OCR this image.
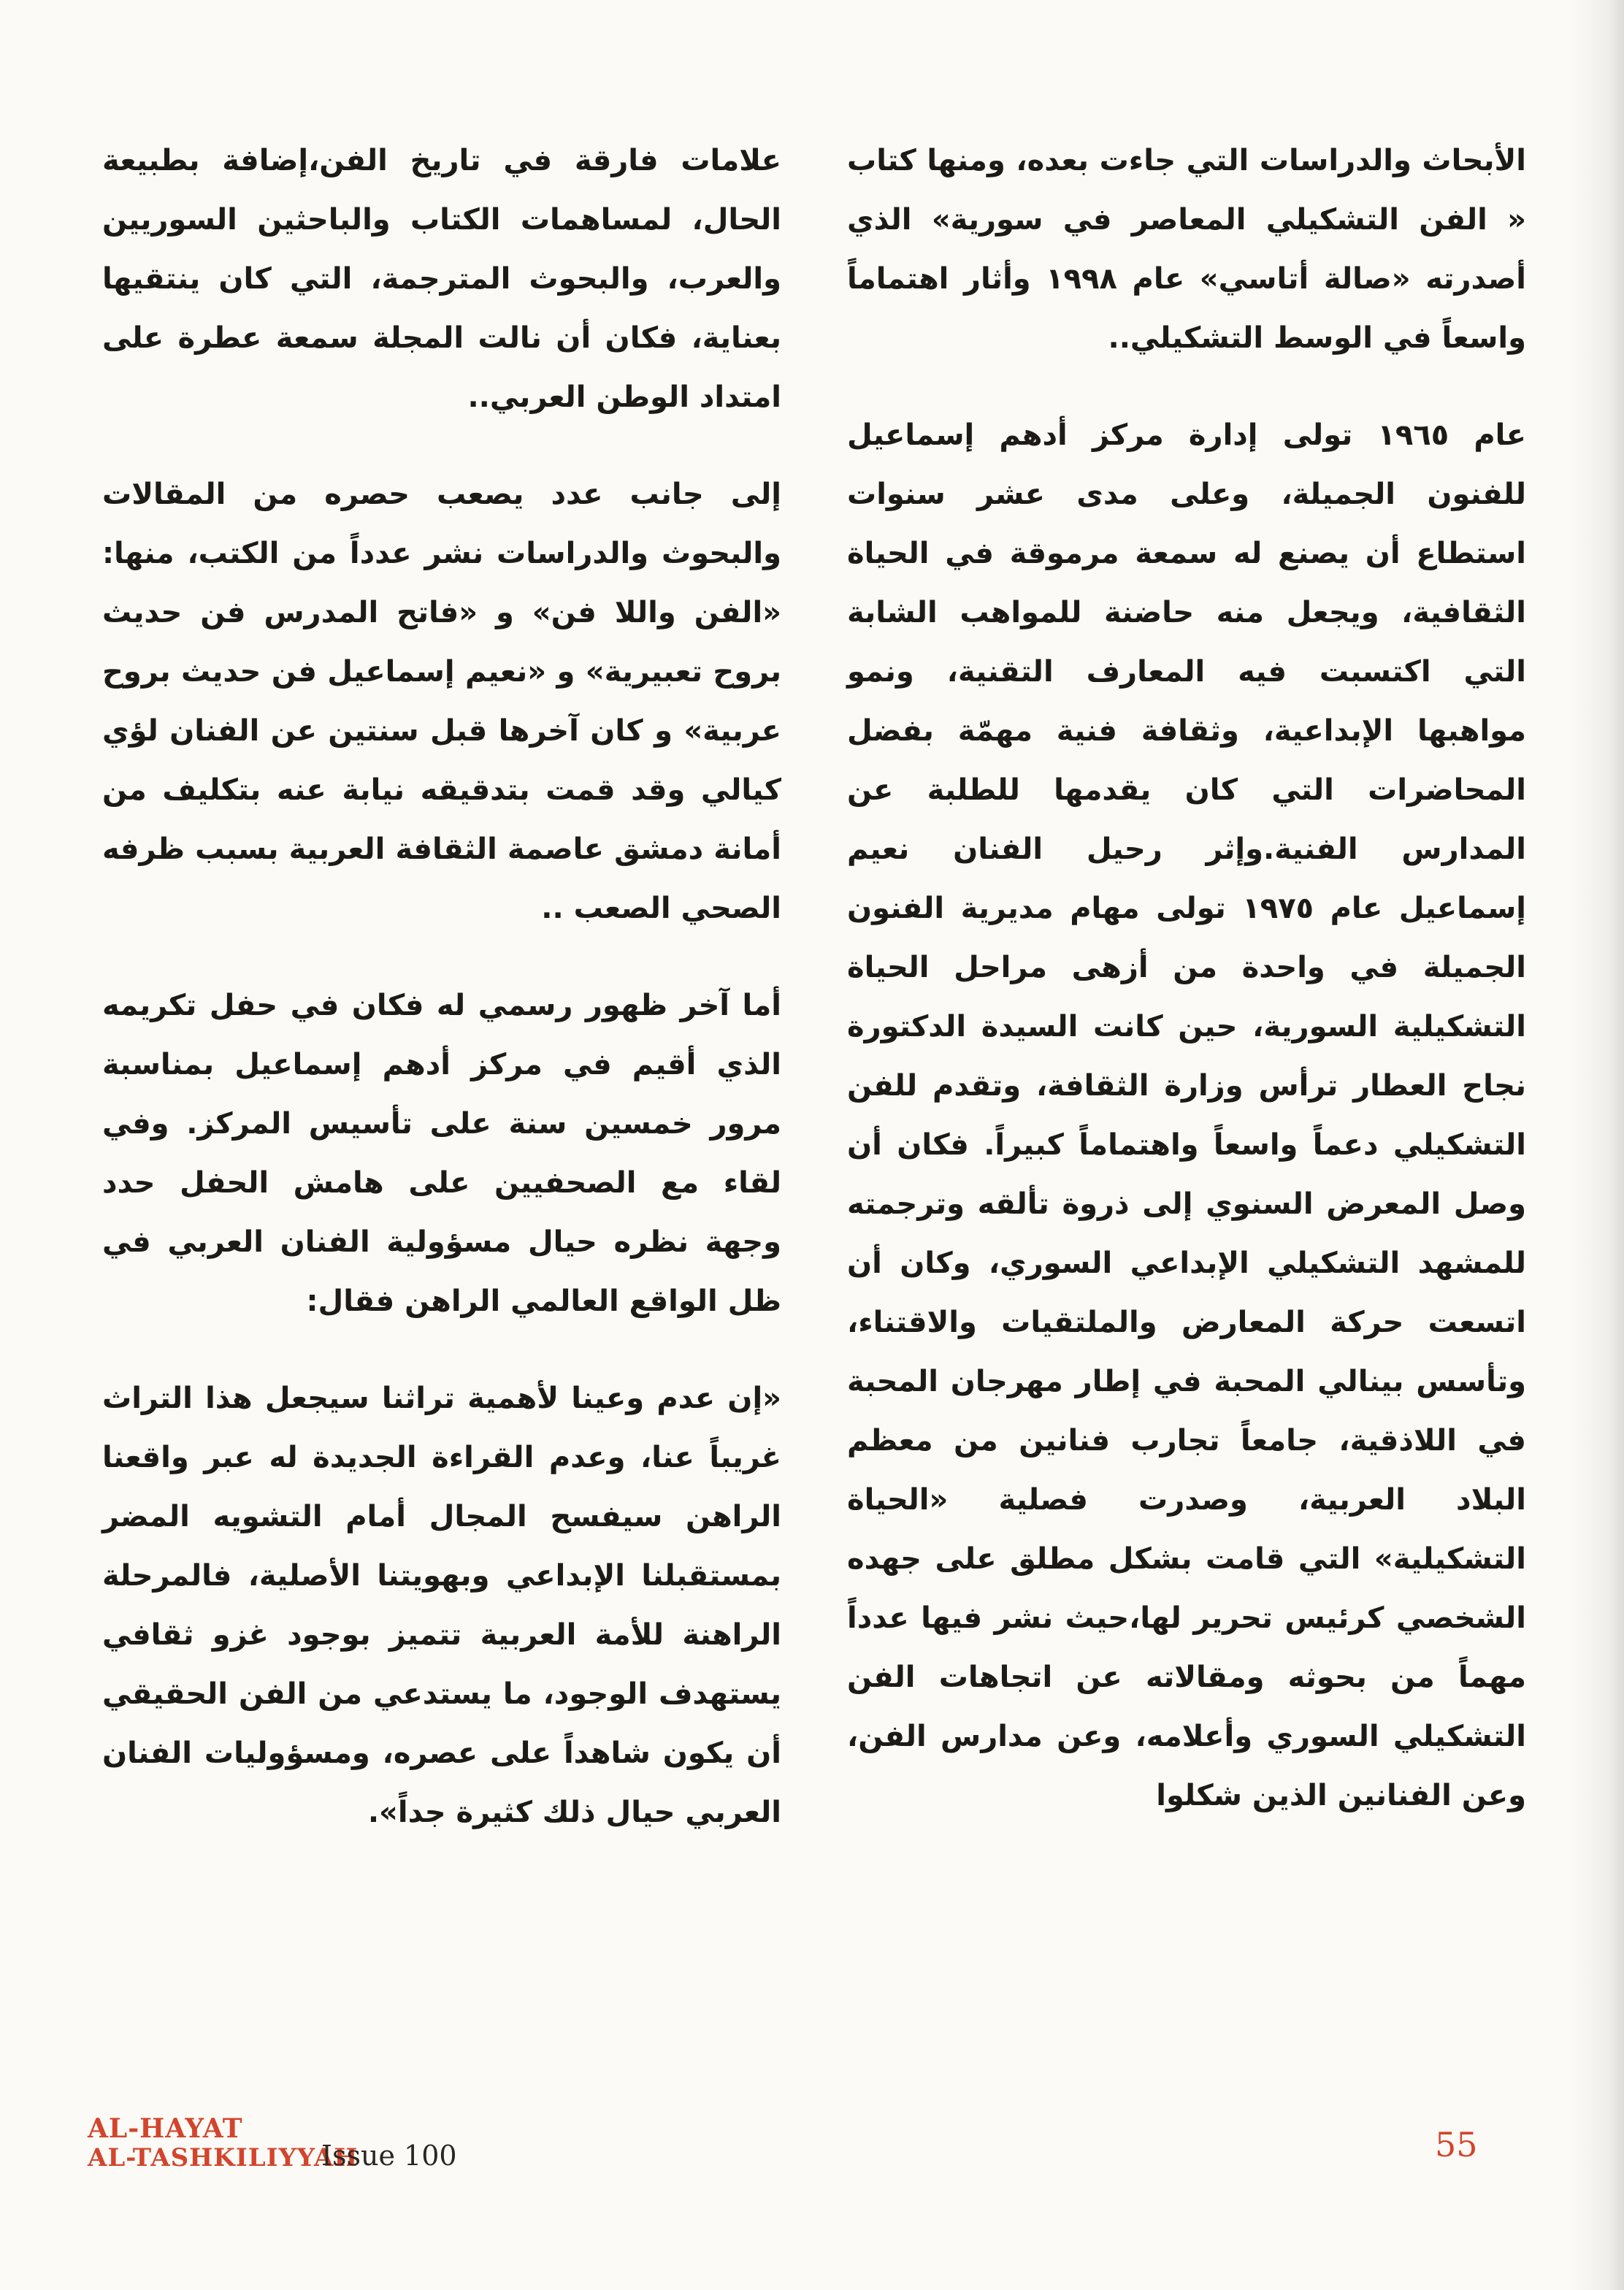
الأبحاث والدراسات التي جاءت بعده، ومنها كتاب « الفن التشكيلي المعاصر في سورية» الذي أصدرته «صالة أتاسي» عام ١٩٩٨ وأثار اهتماماً واسعاً في الوسط التشكيلي..

عام ١٩٦٥ تولى إدارة مركز أدهم إسماعيل للفنون الجميلة، وعلى مدى عشر سنوات استطاع أن يصنع له سمعة مرموقة في الحياة الثقافية، ويجعل منه حاضنة للمواهب الشابة التي اكتسبت فيه المعارف التقنية، ونمو مواهبها الإبداعية، وثقافة فنية مهمّة بفضل المحاضرات التي كان يقدمها للطلبة عن المدارس الفنية.وإثر رحيل الفنان نعيم إسماعيل عام ١٩٧٥ تولى مهام مديرية الفنون الجميلة في واحدة من أزهى مراحل الحياة التشكيلية السورية، حين كانت السيدة الدكتورة نجاح العطار ترأس وزارة الثقافة، وتقدم للفن التشكيلي دعماً واسعاً واهتماماً كبيراً. فكان أن وصل المعرض السنوي إلى ذروة تألقه وترجمته للمشهد التشكيلي الإبداعي السوري، وكان أن اتسعت حركة المعارض والملتقيات والاقتناء، وتأسس بينالي المحبة في إطار مهرجان المحبة في اللاذقية، جامعاً تجارب فنانين من معظم البلاد العربية، وصدرت فصلية «الحياة التشكيلية» التي قامت بشكل مطلق على جهده الشخصي كرئيس تحرير لها،حيث نشر فيها عدداً مهماً من بحوثه ومقالاته عن اتجاهات الفن التشكيلي السوري وأعلامه، وعن مدارس الفن، وعن الفنانين الذين شكلوا

علامات فارقة في تاريخ الفن،إضافة بطبيعة الحال، لمساهمات الكتاب والباحثين السوريين والعرب، والبحوث المترجمة، التي كان ينتقيها بعناية، فكان أن نالت المجلة سمعة عطرة على امتداد الوطن العربي..

إلى جانب عدد يصعب حصره من المقالات والبحوث والدراسات نشر عدداً من الكتب، منها: «الفن واللا فن» و «فاتح المدرس فن حديث بروح تعبيرية» و «نعيم إسماعيل فن حديث بروح عربية» و كان آخرها قبل سنتين عن الفنان لؤي كيالي وقد قمت بتدقيقه نيابة عنه بتكليف من أمانة دمشق عاصمة الثقافة العربية بسبب ظرفه الصحي الصعب ..

أما آخر ظهور رسمي له فكان في حفل تكريمه الذي أقيم في مركز أدهم إسماعيل بمناسبة مرور خمسين سنة على تأسيس المركز. وفي لقاء مع الصحفيين على هامش الحفل حدد وجهة نظره حيال مسؤولية الفنان العربي في ظل الواقع العالمي الراهن فقال:

«إن عدم وعينا لأهمية تراثنا سيجعل هذا التراث غريباً عنا، وعدم القراءة الجديدة له عبر واقعنا الراهن سيفسح المجال أمام التشويه المضر بمستقبلنا الإبداعي وبهويتنا الأصلية، فالمرحلة الراهنة للأمة العربية تتميز بوجود غزو ثقافي يستهدف الوجود، ما يستدعي من الفن الحقيقي أن يكون شاهداً على عصره، ومسؤوليات الفنان العربي حيال ذلك كثيرة جداً».

AL-HAYAT
AL-TASHKILIYYAH
Issue 100	55
